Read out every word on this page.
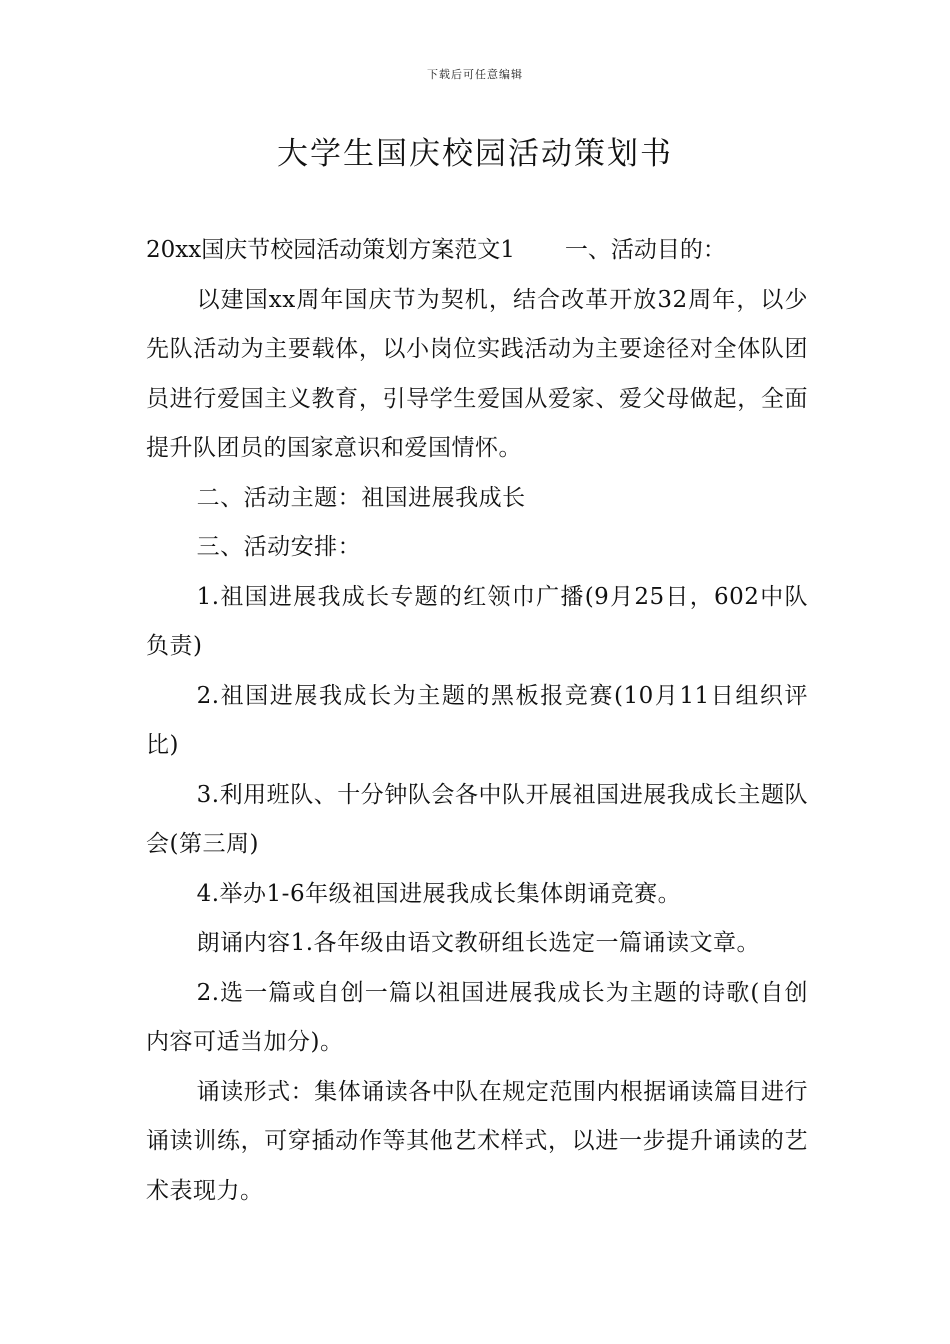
下载后可任意编辑
大学生国庆校园活动策划书

20xx国庆节校园活动策划方案范文1 一、活动目的：

以建国xx周年国庆节为契机，结合改革开放32周年，以少先队活动为主要载体，以小岗位实践活动为主要途径对全体队团员进行爱国主义教育，引导学生爱国从爱家、爱父母做起，全面提升队团员的国家意识和爱国情怀。

二、活动主题：祖国进展我成长

三、活动安排：

1.祖国进展我成长专题的红领巾广播(9月25日，602中队负责)

2.祖国进展我成长为主题的黑板报竞赛(10月11日组织评比)

3.利用班队、十分钟队会各中队开展祖国进展我成长主题队会(第三周)

4.举办1-6年级祖国进展我成长集体朗诵竞赛。

朗诵内容1.各年级由语文教研组长选定一篇诵读文章。

2.选一篇或自创一篇以祖国进展我成长为主题的诗歌(自创内容可适当加分)。

诵读形式：集体诵读各中队在规定范围内根据诵读篇目进行诵读训练，可穿插动作等其他艺术样式，以进一步提升诵读的艺术表现力。
